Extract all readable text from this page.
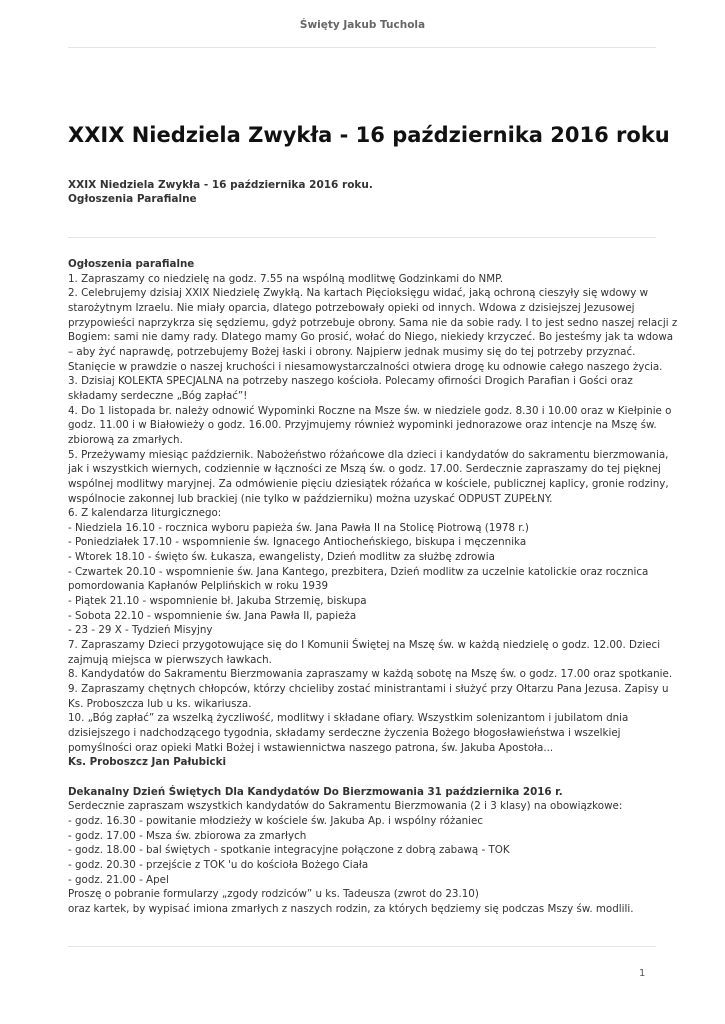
Święty Jakub Tuchola
XXIX Niedziela Zwykła - 16 października 2016 roku
XXIX Niedziela Zwykła - 16 października 2016 roku.
Ogłoszenia Parafialne
Ogłoszenia parafialne
1. Zapraszamy co niedzielę na godz. 7.55 na wspólną modlitwę Godzinkami do NMP.
2. Celebrujemy dzisiaj XXIX Niedzielę Zwykłą. Na kartach Pięcioksięgu widać, jaką ochroną cieszyły się wdowy w
starożytnym Izraelu. Nie miały oparcia, dlatego potrzebowały opieki od innych. Wdowa z dzisiejszej Jezusowej
przypowieści naprzykrza się sędziemu, gdyż potrzebuje obrony. Sama nie da sobie rady. I to jest sedno naszej relacji z
Bogiem: sami nie damy rady. Dlatego mamy Go prosić, wołać do Niego, niekiedy krzyczeć. Bo jesteśmy jak ta wdowa
– aby żyć naprawdę, potrzebujemy Bożej łaski i obrony. Najpierw jednak musimy się do tej potrzeby przyznać.
Stanięcie w prawdzie o naszej kruchości i niesamowystarczalności otwiera drogę ku odnowie całego naszego życia.
3. Dzisiaj KOLEKTA SPECJALNA na potrzeby naszego kościoła. Polecamy ofirności Drogich Parafian i Gości oraz
składamy serdeczne „Bóg zapłać”!
4. Do 1 listopada br. należy odnowić Wypominki Roczne na Msze św. w niedziele godz. 8.30 i 10.00 oraz w Kiełpinie o
godz. 11.00 i w Białowieży o godz. 16.00. Przyjmujemy również wypominki jednorazowe oraz intencje na Mszę św.
zbiorową za zmarłych.
5. Przeżywamy miesiąc październik. Nabożeństwo różańcowe dla dzieci i kandydatów do sakramentu bierzmowania,
jak i wszystkich wiernych, codziennie w łączności ze Mszą św. o godz. 17.00. Serdecznie zapraszamy do tej pięknej
wspólnej modlitwy maryjnej. Za odmówienie pięciu dziesiątek różańca w kościele, publicznej kaplicy, gronie rodziny,
wspólnocie zakonnej lub brackiej (nie tylko w październiku) można uzyskać ODPUST ZUPEŁNY.
6. Z kalendarza liturgicznego:
- Niedziela 16.10 - rocznica wyboru papieża św. Jana Pawła II na Stolicę Piotrową (1978 r.)
- Poniedziałek 17.10 - wspomnienie św. Ignacego Antiocheńskiego, biskupa i męczennika
- Wtorek 18.10 - święto św. Łukasza, ewangelisty, Dzień modlitw za służbę zdrowia
- Czwartek 20.10 - wspomnienie św. Jana Kantego, prezbitera, Dzień modlitw za uczelnie katolickie oraz rocznica
pomordowania Kapłanów Pelplińskich w roku 1939
- Piątek 21.10 - wspomnienie bł. Jakuba Strzemię, biskupa
- Sobota 22.10 - wspomnienie św. Jana Pawła II, papieża
- 23 - 29 X - Tydzień Misyjny
7. Zapraszamy Dzieci przygotowujące się do I Komunii Świętej na Mszę św. w każdą niedzielę o godz. 12.00. Dzieci
zajmują miejsca w pierwszych ławkach.
8. Kandydatów do Sakramentu Bierzmowania zapraszamy w każdą sobotę na Mszę św. o godz. 17.00 oraz spotkanie.
9. Zapraszamy chętnych chłopców, którzy chcieliby zostać ministrantami i służyć przy Ołtarzu Pana Jezusa. Zapisy u
Ks. Proboszcza lub u ks. wikariusza.
10. „Bóg zapłać” za wszelką życzliwość, modlitwy i składane ofiary. Wszystkim solenizantom i jubilatom dnia
dzisiejszego i nadchodzącego tygodnia, składamy serdeczne życzenia Bożego błogosławieństwa i wszelkiej
pomyślności oraz opieki Matki Bożej i wstawiennictwa naszego patrona, św. Jakuba Apostoła...
Ks. Proboszcz Jan Pałubicki
Dekanalny Dzień Świętych Dla Kandydatów Do Bierzmowania 31 października 2016 r.
Serdecznie zapraszam wszystkich kandydatów do Sakramentu Bierzmowania (2 i 3 klasy) na obowiązkowe:
- godz. 16.30 - powitanie młodzieży w kościele św. Jakuba Ap. i wspólny różaniec
- godz. 17.00 - Msza św. zbiorowa za zmarłych
- godz. 18.00 - bal świętych - spotkanie integracyjne połączone z dobrą zabawą - TOK
- godz. 20.30 - przejście z TOK 'u do kościoła Bożego Ciała
- godz. 21.00 - Apel
Proszę o pobranie formularzy „zgody rodziców” u ks. Tadeusza (zwrot do 23.10)
oraz kartek, by wypisać imiona zmarłych z naszych rodzin, za których będziemy się podczas Mszy św. modlili.
1
